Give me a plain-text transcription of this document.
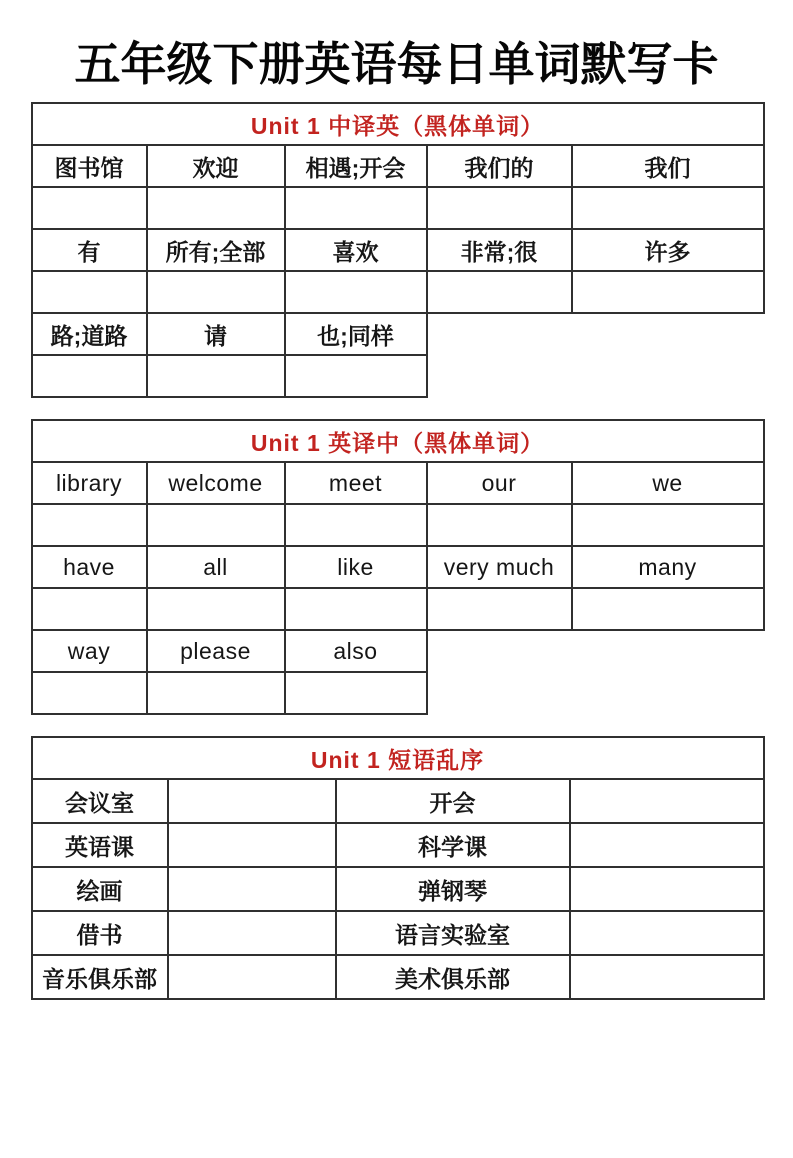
五年级下册英语每日单词默写卡
Unit 1 中译英（黑体单词）				
图书馆	欢迎	相遇;开会	我们的	我们

有	所有;全部	喜欢	非常;很	许多

路;道路	请	也;同样		

Unit 1 英译中（黑体单词）				
library	welcome	meet	our	we

have	all	like	very much	many

way	please	also		

Unit 1 短语乱序			
会议室		开会	
英语课		科学课	
绘画		弹钢琴	
借书		语言实验室	
音乐俱乐部		美术俱乐部	
